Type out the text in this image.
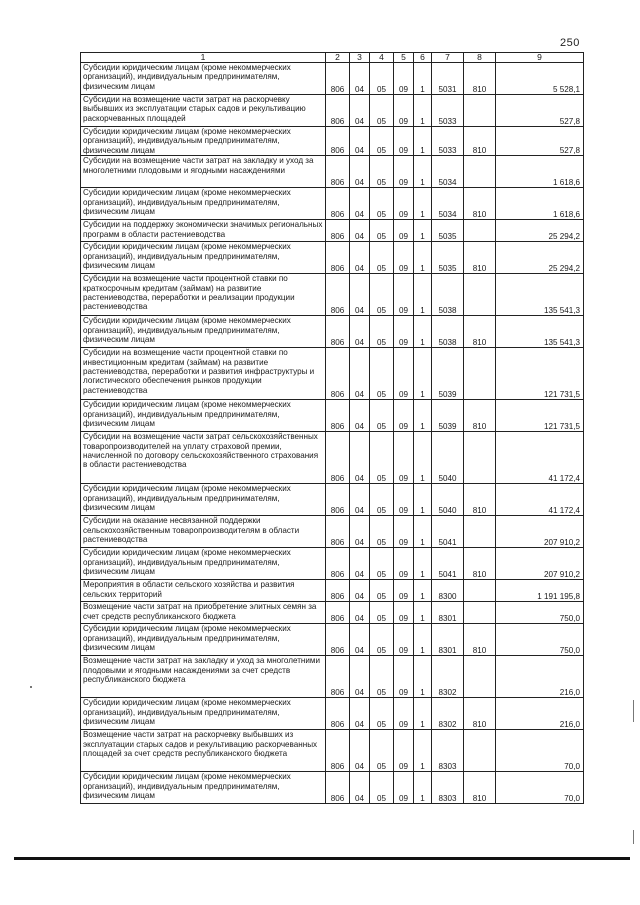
250
1	2	3	4	5	6	7	8	9
Субсидии юридическим лицам (кроме некоммерческих организаций), индивидуальным предпринимателям, физическим лицам	806	04	05	09	1	5031	810	5 528,1
Субсидии на возмещение части затрат на раскорчевку выбывших из эксплуатации старых садов и рекультивацию раскорчеванных площадей	806	04	05	09	1	5033		527,8
Субсидии юридическим лицам (кроме некоммерческих организаций), индивидуальным предпринимателям, физическим лицам	806	04	05	09	1	5033	810	527,8
Субсидии на возмещение части затрат на закладку и уход за многолетними плодовыми и ягодными насаждениями	806	04	05	09	1	5034		1 618,6
Субсидии юридическим лицам (кроме некоммерческих организаций), индивидуальным предпринимателям, физическим лицам	806	04	05	09	1	5034	810	1 618,6
Субсидии на поддержку экономически значимых региональных программ в области растениеводства	806	04	05	09	1	5035		25 294,2
Субсидии юридическим лицам (кроме некоммерческих организаций), индивидуальным предпринимателям, физическим лицам	806	04	05	09	1	5035	810	25 294,2
Субсидии на возмещение части процентной ставки по краткосрочным кредитам (займам) на развитие растениеводства, переработки и реализации продукции растениеводства	806	04	05	09	1	5038		135 541,3
Субсидии юридическим лицам (кроме некоммерческих организаций), индивидуальным предпринимателям, физическим лицам	806	04	05	09	1	5038	810	135 541,3
Субсидии на возмещение части процентной ставки по инвестиционным кредитам (займам) на развитие растениеводства, переработки и развития инфраструктуры и логистического обеспечения рынков продукции растениеводства	806	04	05	09	1	5039		121 731,5
Субсидии юридическим лицам (кроме некоммерческих организаций), индивидуальным предпринимателям, физическим лицам	806	04	05	09	1	5039	810	121 731,5
Субсидии на возмещение части затрат сельскохозяйственных товаропроизводителей на уплату страховой премии, начисленной по договору сельскохозяйственного страхования в области растениеводства	806	04	05	09	1	5040		41 172,4
Субсидии юридическим лицам (кроме некоммерческих организаций), индивидуальным предпринимателям, физическим лицам	806	04	05	09	1	5040	810	41 172,4
Субсидии на оказание несвязанной поддержки сельскохозяйственным товаропроизводителям в области растениеводства	806	04	05	09	1	5041		207 910,2
Субсидии юридическим лицам (кроме некоммерческих организаций), индивидуальным предпринимателям, физическим лицам	806	04	05	09	1	5041	810	207 910,2
Мероприятия в области сельского хозяйства и развития сельских территорий	806	04	05	09	1	8300		1 191 195,8
Возмещение части затрат на приобретение элитных семян за счет средств республиканского бюджета	806	04	05	09	1	8301		750,0
Субсидии юридическим лицам (кроме некоммерческих организаций), индивидуальным предпринимателям, физическим лицам	806	04	05	09	1	8301	810	750,0
Возмещение части затрат на закладку и уход за многолетними плодовыми и ягодными насаждениями за счет средств республиканского бюджета	806	04	05	09	1	8302		216,0
Субсидии юридическим лицам (кроме некоммерческих организаций), индивидуальным предпринимателям, физическим лицам	806	04	05	09	1	8302	810	216,0
Возмещение части затрат на раскорчевку выбывших из эксплуатации старых садов и рекультивацию раскорчеванных площадей за счет средств республиканского бюджета	806	04	05	09	1	8303		70,0
Субсидии юридическим лицам (кроме некоммерческих организаций), индивидуальным предпринимателям, физическим лицам	806	04	05	09	1	8303	810	70,0
